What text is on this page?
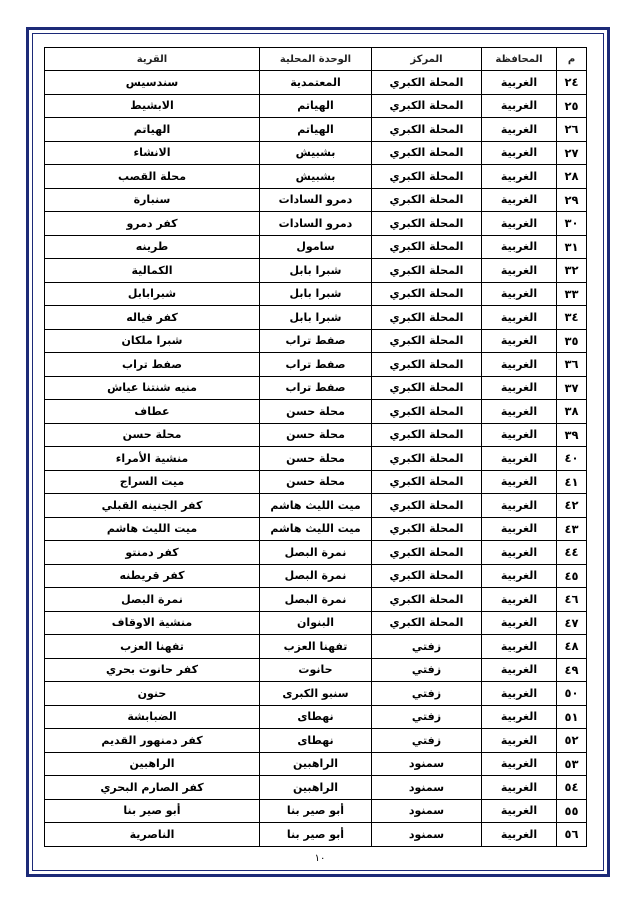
م	المحافظة	المركز	الوحدة المحلية	القرية
٢٤	الغربية	المحلة الكبري	المعتمدية	سندسيس
٢٥	الغربية	المحلة الكبري	الهياتم	الابشيط
٢٦	الغربية	المحلة الكبري	الهياتم	الهياتم
٢٧	الغربية	المحلة الكبري	بشبيش	الانشاء
٢٨	الغربية	المحلة الكبري	بشبيش	محلة القصب
٢٩	الغربية	المحلة الكبري	دمرو السادات	سنبارة
٣٠	الغربية	المحلة الكبري	دمرو السادات	كفر دمرو
٣١	الغربية	المحلة الكبري	سامول	طرينه
٣٢	الغربية	المحلة الكبري	شبرا بابل	الكمالية
٣٣	الغربية	المحلة الكبري	شبرا بابل	شبرابابل
٣٤	الغربية	المحلة الكبري	شبرا بابل	كفر فياله
٣٥	الغربية	المحلة الكبري	صفط تراب	شبرا ملكان
٣٦	الغربية	المحلة الكبري	صفط تراب	صفط تراب
٣٧	الغربية	المحلة الكبري	صفط تراب	منيه شنتنا عياش
٣٨	الغربية	المحلة الكبري	محلة حسن	عطاف
٣٩	الغربية	المحلة الكبري	محلة حسن	محلة حسن
٤٠	الغربية	المحلة الكبري	محلة حسن	منشية الأمراء
٤١	الغربية	المحلة الكبري	محلة حسن	ميت السراج
٤٢	الغربية	المحلة الكبري	ميت الليث هاشم	كفر الجنينه القبلي
٤٣	الغربية	المحلة الكبري	ميت الليث هاشم	ميت الليث هاشم
٤٤	الغربية	المحلة الكبري	نمرة البصل	كفر دمنتو
٤٥	الغربية	المحلة الكبري	نمرة البصل	كفر قريطنه
٤٦	الغربية	المحلة الكبري	نمرة البصل	نمرة البصل
٤٧	الغربية	المحلة الكبري	البنوان	منشية الاوقاف
٤٨	الغربية	زفتي	تفهنا العزب	تفهنا العزب
٤٩	الغربية	زفتي	حانوت	كفر حانوت بحري
٥٠	الغربية	زفتي	سنبو الكبرى	حنون
٥١	الغربية	زفتي	نهطاى	الضبابشة
٥٢	الغربية	زفتي	نهطاى	كفر دمنهور القديم
٥٣	الغربية	سمنود	الراهبين	الراهبين
٥٤	الغربية	سمنود	الراهبين	كفر الصارم البحري
٥٥	الغربية	سمنود	أبو صير بنا	أبو صير بنا
٥٦	الغربية	سمنود	أبو صير بنا	الناصرية
١٠
